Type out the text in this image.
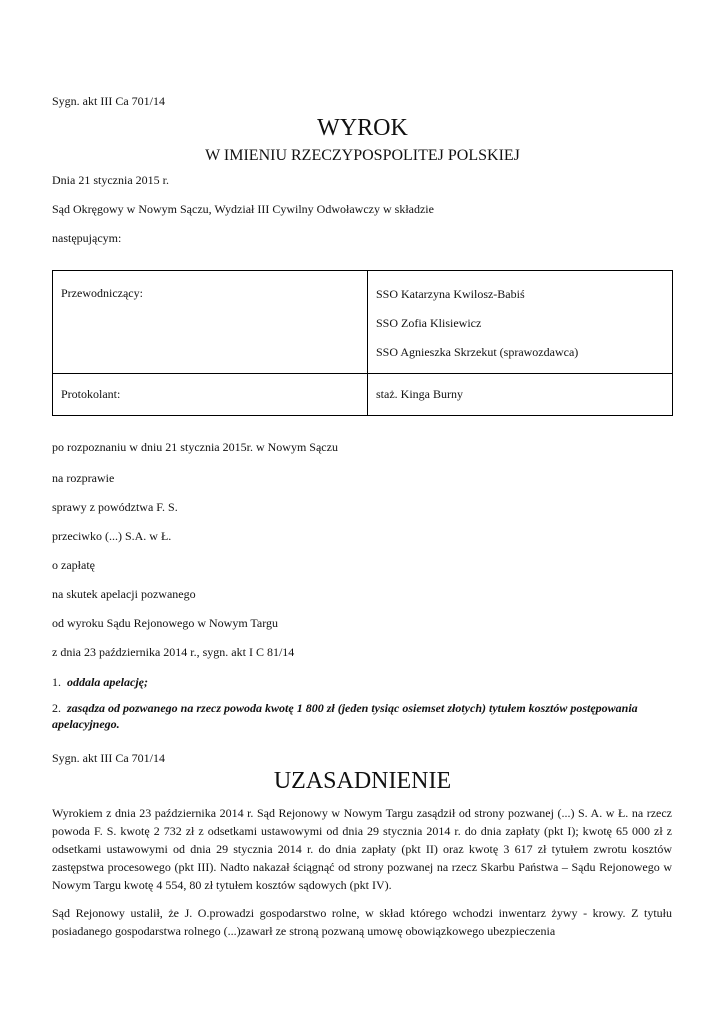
Sygn. akt III Ca 701/14

WYROK
W IMIENIU RZECZYPOSPOLITEJ POLSKIEJ

Dnia 21 stycznia 2015 r.

Sąd Okręgowy w Nowym Sączu, Wydział III Cywilny Odwoławczy w składzie

następującym:

Przewodniczący:	SSO Katarzyna Kwilosz-Babiś
SSO Zofia Klisiewicz
SSO Agnieszka Skrzekut (sprawozdawca)

Protokolant:	staż. Kinga Burny

po rozpoznaniu w dniu 21 stycznia 2015r. w Nowym Sączu

na rozprawie

sprawy z powództwa F. S.

przeciwko (...) S.A. w Ł.

o zapłatę

na skutek apelacji pozwanego

od wyroku Sądu Rejonowego w Nowym Targu

z dnia 23 października 2014 r., sygn. akt I C 81/14

1. oddala apelację;
2. zasądza od pozwanego na rzecz powoda kwotę 1 800 zł (jeden tysiąc osiemset złotych) tytułem kosztów postępowania apelacyjnego.

Sygn. akt III Ca 701/14

UZASADNIENIE

Wyrokiem z dnia 23 października 2014 r. Sąd Rejonowy w Nowym Targu zasądził od strony pozwanej (...) S. A. w Ł. na rzecz powoda F. S. kwotę 2 732 zł z odsetkami ustawowymi od dnia 29 stycznia 2014 r. do dnia zapłaty (pkt I); kwotę 65 000 zł z odsetkami ustawowymi od dnia 29 stycznia 2014 r. do dnia zapłaty (pkt II) oraz kwotę 3 617 zł tytułem zwrotu kosztów zastępstwa procesowego (pkt III). Nadto nakazał ściągnąć od strony pozwanej na rzecz Skarbu Państwa – Sądu Rejonowego w Nowym Targu kwotę 4 554, 80 zł tytułem kosztów sądowych (pkt IV).

Sąd Rejonowy ustalił, że J. O.prowadzi gospodarstwo rolne, w skład którego wchodzi inwentarz żywy - krowy. Z tytułu posiadanego gospodarstwa rolnego (...)zawarł ze stroną pozwaną umowę obowiązkowego ubezpieczenia
